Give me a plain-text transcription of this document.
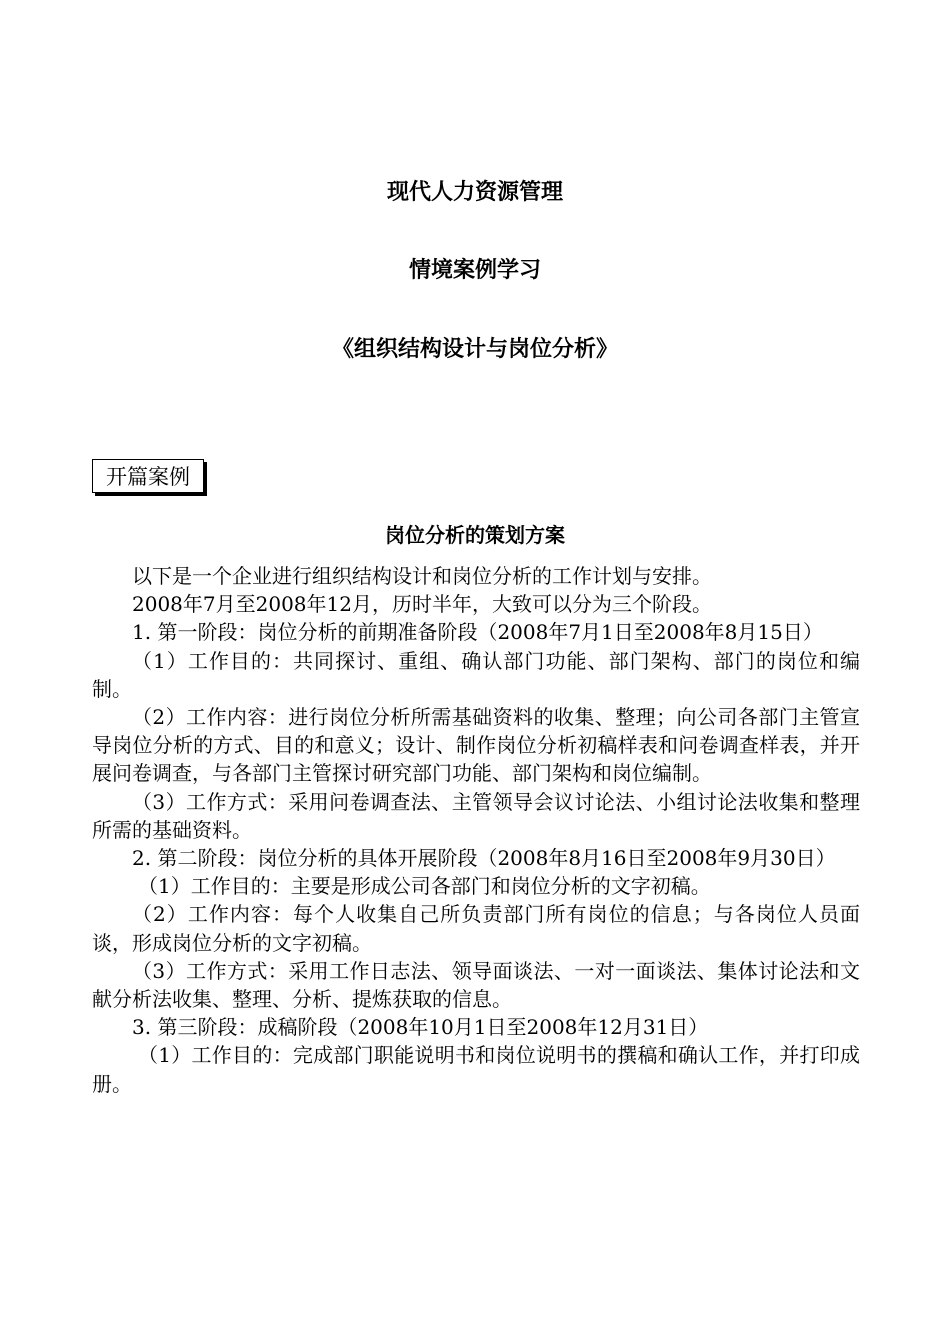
现代人力资源管理
情境案例学习
《组织结构设计与岗位分析》
开篇案例
岗位分析的策划方案

以下是一个企业进行组织结构设计和岗位分析的工作计划与安排。

2008年7月至2008年12月，历时半年，大致可以分为三个阶段。

1. 第一阶段：岗位分析的前期准备阶段（2008年7月1日至2008年8月15日）

（1）工作目的：共同探讨、重组、确认部门功能、部门架构、部门的岗位和编制。

（2）工作内容：进行岗位分析所需基础资料的收集、整理；向公司各部门主管宣导岗位分析的方式、目的和意义；设计、制作岗位分析初稿样表和问卷调查样表，并开展问卷调查，与各部门主管探讨研究部门功能、部门架构和岗位编制。

（3）工作方式：采用问卷调查法、主管领导会议讨论法、小组讨论法收集和整理所需的基础资料。

2. 第二阶段：岗位分析的具体开展阶段（2008年8月16日至2008年9月30日）

（1）工作目的：主要是形成公司各部门和岗位分析的文字初稿。

（2）工作内容：每个人收集自己所负责部门所有岗位的信息；与各岗位人员面谈，形成岗位分析的文字初稿。

（3）工作方式：采用工作日志法、领导面谈法、一对一面谈法、集体讨论法和文献分析法收集、整理、分析、提炼获取的信息。

3. 第三阶段：成稿阶段（2008年10月1日至2008年12月31日）

（1）工作目的：完成部门职能说明书和岗位说明书的撰稿和确认工作，并打印成册。
